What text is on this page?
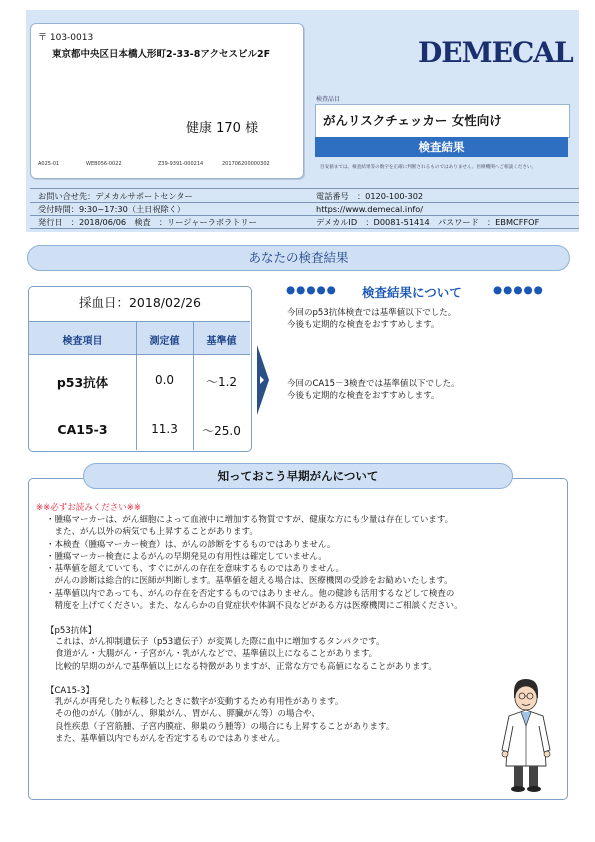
〒 103-0013
東京都中央区日本橋人形町2-33-8アクセスビル2F
健康 170 様
A025-01	WEB056-0022	Z39-9391-000214	201706200000302
DEMECAL
検査品目
がんリスクチェッカー 女性向け
検査結果
目安値までは、検査結果等の数字を正確に判断されるものではありません。医療機関へご相談ください。
お問い合せ先：デメカルサポートセンター	電話番号　：0120-100-302
受付時間：9:30~17:30（土日祝除く）	https://www.demecal.info/
発行日　：2018/06/06　検査　：リージャーラボラトリー	デメカルID　：D0081-51414　パスワード　：EBMCFFOF
あなたの検査結果
採血日：2018/02/26
検査項目	測定値	基準値
p53抗体	0.0	～1.2
CA15-3	11.3	～25.0
●●●●● 検査結果について	●●●●●
今回のp53抗体検査では基準値以下でした。
今後も定期的な検査をおすすめします。
今回のCA15－3検査では基準値以下でした。
今後も定期的な検査をおすすめします。
知っておこう早期がんについて
※※必ずお読みください※※
・腫瘍マーカーは、がん細胞によって血液中に増加する物質ですが、健康な方にも少量は存在しています。
　また、がん以外の病気でも上昇することがあります。
・本検査（腫瘍マーカー検査）は、がんの診断をするものではありません。
・腫瘍マーカー検査によるがんの早期発見の有用性は確定していません。
・基準値を超えていても、すぐにがんの存在を意味するものではありません。
　がんの診断は総合的に医師が判断します。基準値を超える場合は、医療機関の受診をお勧めいたします。
・基準値以内であっても、がんの存在を否定するものではありません。他の健診も活用するなどして検査の
　精度を上げてください。また、なんらかの自覚症状や体調不良などがある方は医療機関にご相談ください。
【p53抗体】
これは、がん抑制遺伝子（p53遺伝子）が変異した際に血中に増加するタンパクです。
食道がん・大腸がん・子宮がん・乳がんなどで、基準値以上になることがあります。
比較的早期のがんで基準値以上になる特徴がありますが、正常な方でも高値になることがあります。
【CA15-3】
乳がんが再発したり転移したときに数字が変動するため有用性があります。
その他のがん（肺がん、卵巣がん、胃がん、膵臓がん等）の場合や、
良性疾患（子宮筋腫、子宮内膜症、卵巣のう腫等）の場合にも上昇することがあります。
また、基準値以内でもがんを否定するものではありません。
